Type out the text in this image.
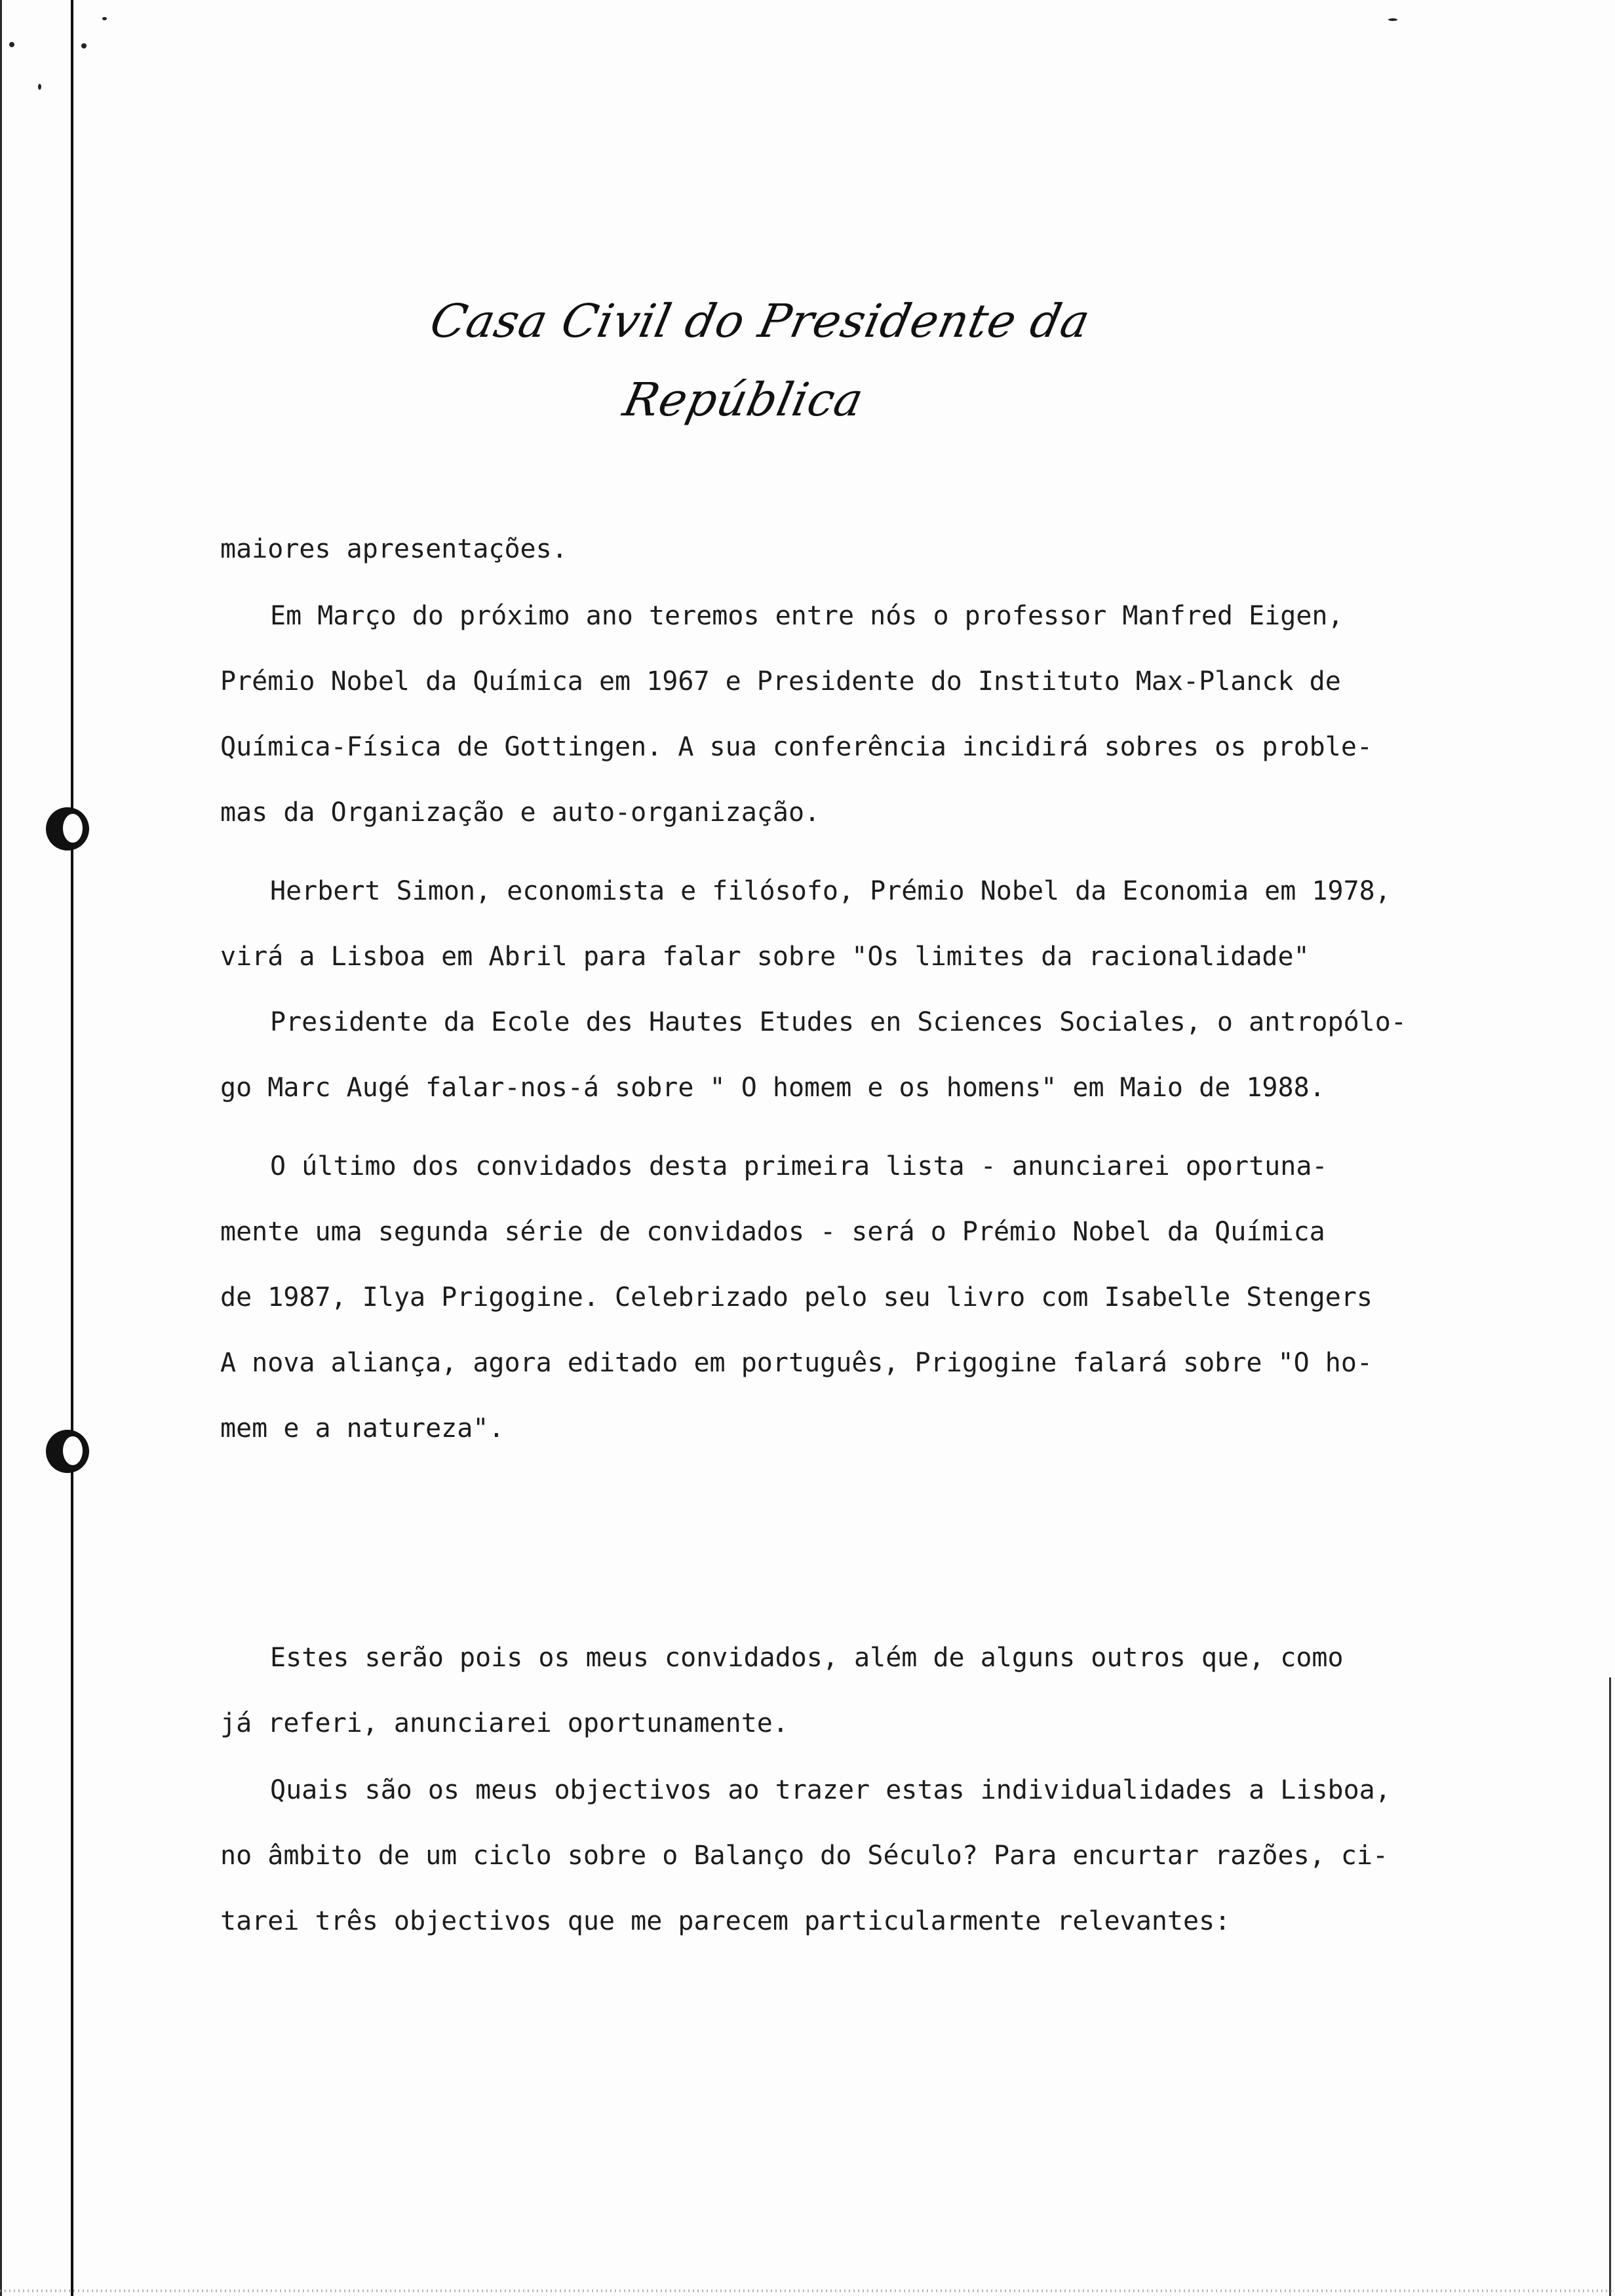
Casa Civil do Presidente da República
maiores apresentações.
Em Março do próximo ano teremos entre nós o professor Manfred Eigen,
Prémio Nobel da Química em 1967 e Presidente do Instituto Max-Planck de
Química-Física de Gottingen. A sua conferência incidirá sobres os proble-
mas da Organização e auto-organização.
Herbert Simon, economista e filósofo, Prémio Nobel da Economia em 1978,
virá a Lisboa em Abril para falar sobre "Os limites da racionalidade"
Presidente da Ecole des Hautes Etudes en Sciences Sociales, o antropólo-
go Marc Augé falar-nos-á sobre " O homem e os homens" em Maio de 1988.
O último dos convidados desta primeira lista - anunciarei oportuna-
mente uma segunda série de convidados - será o Prémio Nobel da Química
de 1987, Ilya Prigogine. Celebrizado pelo seu livro com Isabelle Stengers
A nova aliança, agora editado em português, Prigogine falará sobre "O ho-
mem e a natureza".
Estes serão pois os meus convidados, além de alguns outros que, como
já referi, anunciarei oportunamente.
Quais são os meus objectivos ao trazer estas individualidades a Lisboa,
no âmbito de um ciclo sobre o Balanço do Século? Para encurtar razões, ci-
tarei três objectivos que me parecem particularmente relevantes:
